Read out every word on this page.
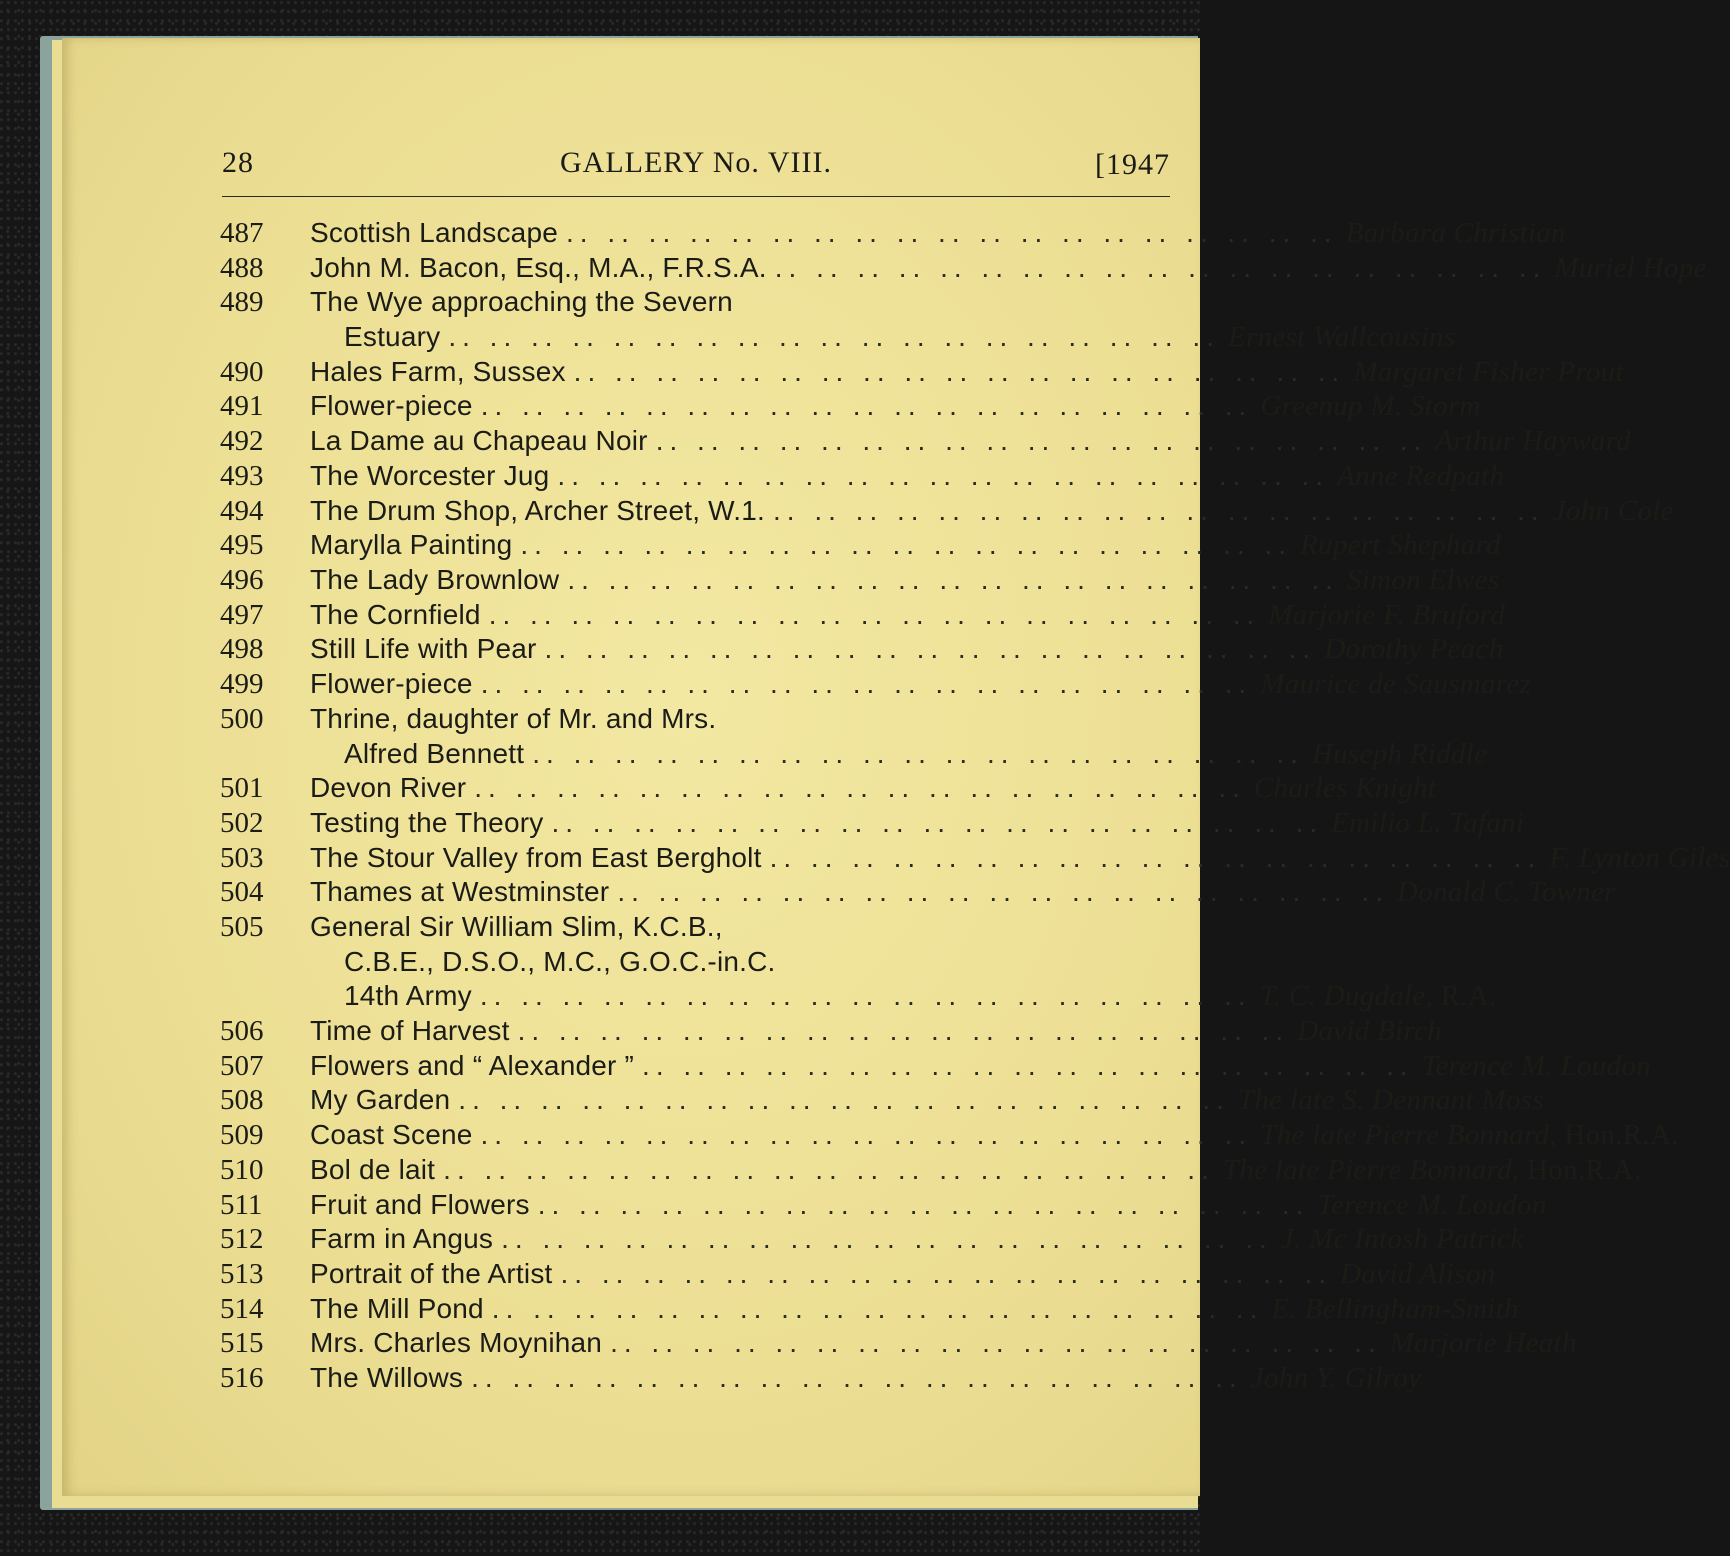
28	GALLERY No. VIII.	[1947
487	Scottish Landscape .. .. .. .. .. .. .. .. .. .. .. .. .. .. .. .. .. .. .. Barbara Christian
488	John M. Bacon, Esq., M.A., F.R.S.A. .. .. .. .. .. .. .. .. .. .. .. .. .. .. .. .. .. .. .. Muriel Hope
489	The Wye approaching the Severn
Estuary .. .. .. .. .. .. .. .. .. .. .. .. .. .. .. .. .. .. .. Ernest Wallcousins
490	Hales Farm, Sussex .. .. .. .. .. .. .. .. .. .. .. .. .. .. .. .. .. .. .. Margaret Fisher Prout
491	Flower-piece .. .. .. .. .. .. .. .. .. .. .. .. .. .. .. .. .. .. .. Greenup M. Storm
492	La Dame au Chapeau Noir .. .. .. .. .. .. .. .. .. .. .. .. .. .. .. .. .. .. .. Arthur Hayward
493	The Worcester Jug .. .. .. .. .. .. .. .. .. .. .. .. .. .. .. .. .. .. .. Anne Redpath
494	The Drum Shop, Archer Street, W.1. .. .. .. .. .. .. .. .. .. .. .. .. .. .. .. .. .. .. .. John Cole
495	Marylla Painting .. .. .. .. .. .. .. .. .. .. .. .. .. .. .. .. .. .. .. Rupert Shephard
496	The Lady Brownlow .. .. .. .. .. .. .. .. .. .. .. .. .. .. .. .. .. .. .. Simon Elwes
497	The Cornfield .. .. .. .. .. .. .. .. .. .. .. .. .. .. .. .. .. .. .. Marjorie F. Bruford
498	Still Life with Pear .. .. .. .. .. .. .. .. .. .. .. .. .. .. .. .. .. .. .. Dorothy Peach
499	Flower-piece .. .. .. .. .. .. .. .. .. .. .. .. .. .. .. .. .. .. .. Maurice de Sausmarez
500	Thrine, daughter of Mr. and Mrs.
Alfred Bennett .. .. .. .. .. .. .. .. .. .. .. .. .. .. .. .. .. .. .. Huseph Riddle
501	Devon River .. .. .. .. .. .. .. .. .. .. .. .. .. .. .. .. .. .. .. Charles Knight
502	Testing the Theory .. .. .. .. .. .. .. .. .. .. .. .. .. .. .. .. .. .. .. Emilio L. Tafani
503	The Stour Valley from East Bergholt .. .. .. .. .. .. .. .. .. .. .. .. .. .. .. .. .. .. .. F. Lynton Giles
504	Thames at Westminster .. .. .. .. .. .. .. .. .. .. .. .. .. .. .. .. .. .. .. Donald C. Towner
505	General Sir William Slim, K.C.B.,
C.B.E., D.S.O., M.C., G.O.C.-in.C.
14th Army .. .. .. .. .. .. .. .. .. .. .. .. .. .. .. .. .. .. .. T. C. Dugdale, R.A.
506	Time of Harvest .. .. .. .. .. .. .. .. .. .. .. .. .. .. .. .. .. .. .. David Birch
507	Flowers and “ Alexander ” .. .. .. .. .. .. .. .. .. .. .. .. .. .. .. .. .. .. .. Terence M. Loudon
508	My Garden .. .. .. .. .. .. .. .. .. .. .. .. .. .. .. .. .. .. .. The late S. Dennant Moss
509	Coast Scene .. .. .. .. .. .. .. .. .. .. .. .. .. .. .. .. .. .. .. The late Pierre Bonnard, Hon.R.A.
510	Bol de lait .. .. .. .. .. .. .. .. .. .. .. .. .. .. .. .. .. .. .. The late Pierre Bonnard, Hon.R.A.
511	Fruit and Flowers .. .. .. .. .. .. .. .. .. .. .. .. .. .. .. .. .. .. .. Terence M. Loudon
512	Farm in Angus .. .. .. .. .. .. .. .. .. .. .. .. .. .. .. .. .. .. .. J. Mc Intosh Patrick
513	Portrait of the Artist .. .. .. .. .. .. .. .. .. .. .. .. .. .. .. .. .. .. .. David Alison
514	The Mill Pond .. .. .. .. .. .. .. .. .. .. .. .. .. .. .. .. .. .. .. E. Bellingham-Smith
515	Mrs. Charles Moynihan .. .. .. .. .. .. .. .. .. .. .. .. .. .. .. .. .. .. .. Marjorie Heath
516	The Willows .. .. .. .. .. .. .. .. .. .. .. .. .. .. .. .. .. .. .. John Y. Gilroy
